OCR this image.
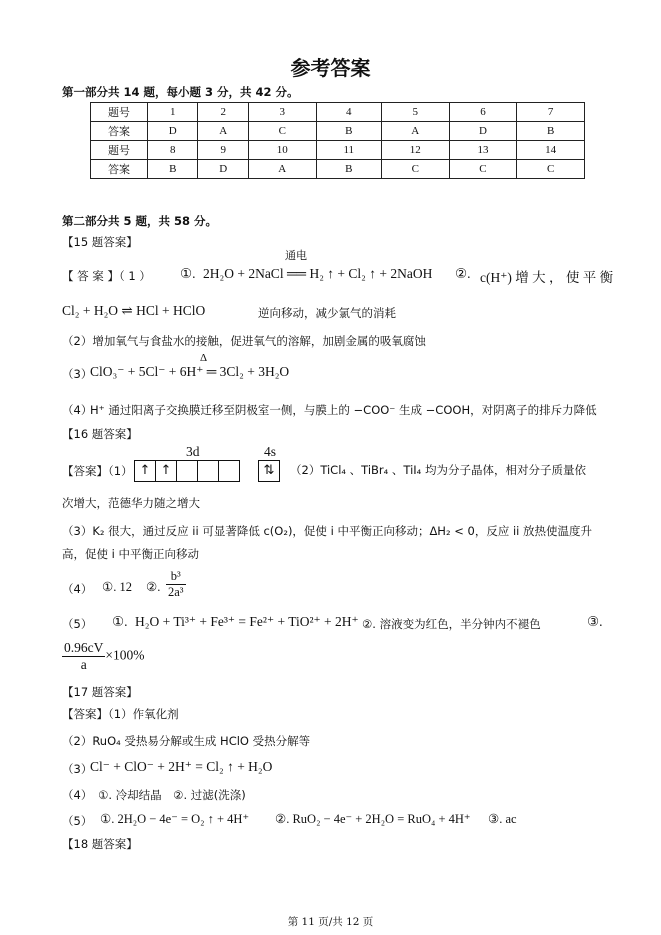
参考答案
第一部分共 14 题，每小题 3 分，共 42 分。
题号	1	2	3	4	5	6	7
答案	D	A	C	B	A	D	B
题号	8	9	10	11	12	13	14
答案	B	D	A	B	C	C	C
第二部分共 5 题，共 58 分。
【15 题答案】
【 答 案 】（ 1 ） ①.
通电
2H₂O + 2NaCl ══ H₂ ↑ + Cl₂ ↑ + 2NaOH ②. c(H⁺) 增 大 ， 使 平 衡
Cl₂ + H₂O ⇌ HCl + HClO	逆向移动，减少氯气的消耗
（2）增加氧气与食盐水的接触，促进氧气的溶解，加剧金属的吸氧腐蚀
（3）
Δ
ClO₃⁻ + 5Cl⁻ + 6H⁺ ═ 3Cl₂ + 3H₂O
（4）
H⁺ 通过阳离子交换膜迁移至阴极室一侧，与膜上的 −COO⁻ 生成 −COOH，对阴离子的排斥力降低
【16 题答案】
3d	4s
【答案】（1） ↑ ↑	⇅	（2）TiCl₄ 、TiBr₄ 、TiI₄ 均为分子晶体，相对分子质量依
次增大，范德华力随之增大
（3）K₂ 很大，通过反应 ii 可显著降低 c(O₂)，促使 i 中平衡正向移动；ΔH₂ < 0，反应 ii 放热使温度升
高，促使 i 中平衡正向移动
（4） ①. 12 ②. $\frac{\text{b³}}{\text{2a³}}$
（5） ①. H₂O + Ti³⁺ + Fe³⁺ = Fe²⁺ + TiO²⁺ + 2H⁺ ②. 溶液变为红色，半分钟内不褪色	③.
$\frac{0.96cV}{a} \times 100\%$
【17 题答案】
【答案】（1）作氧化剂
（2）RuO₄ 受热易分解或生成 HClO 受热分解等
（3）
Cl⁻ + ClO⁻ + 2H⁺ = Cl₂ ↑ + H₂O
（4）　①. 冷却结晶　②. 过滤(洗涤)
（5） ①. 2H₂O − 4e⁻ = O₂ ↑ + 4H⁺ ②. RuO₂ − 4e⁻ + 2H₂O = RuO₄ + 4H⁺ ③. ac
【18 题答案】
第 11 页/共 12 页
